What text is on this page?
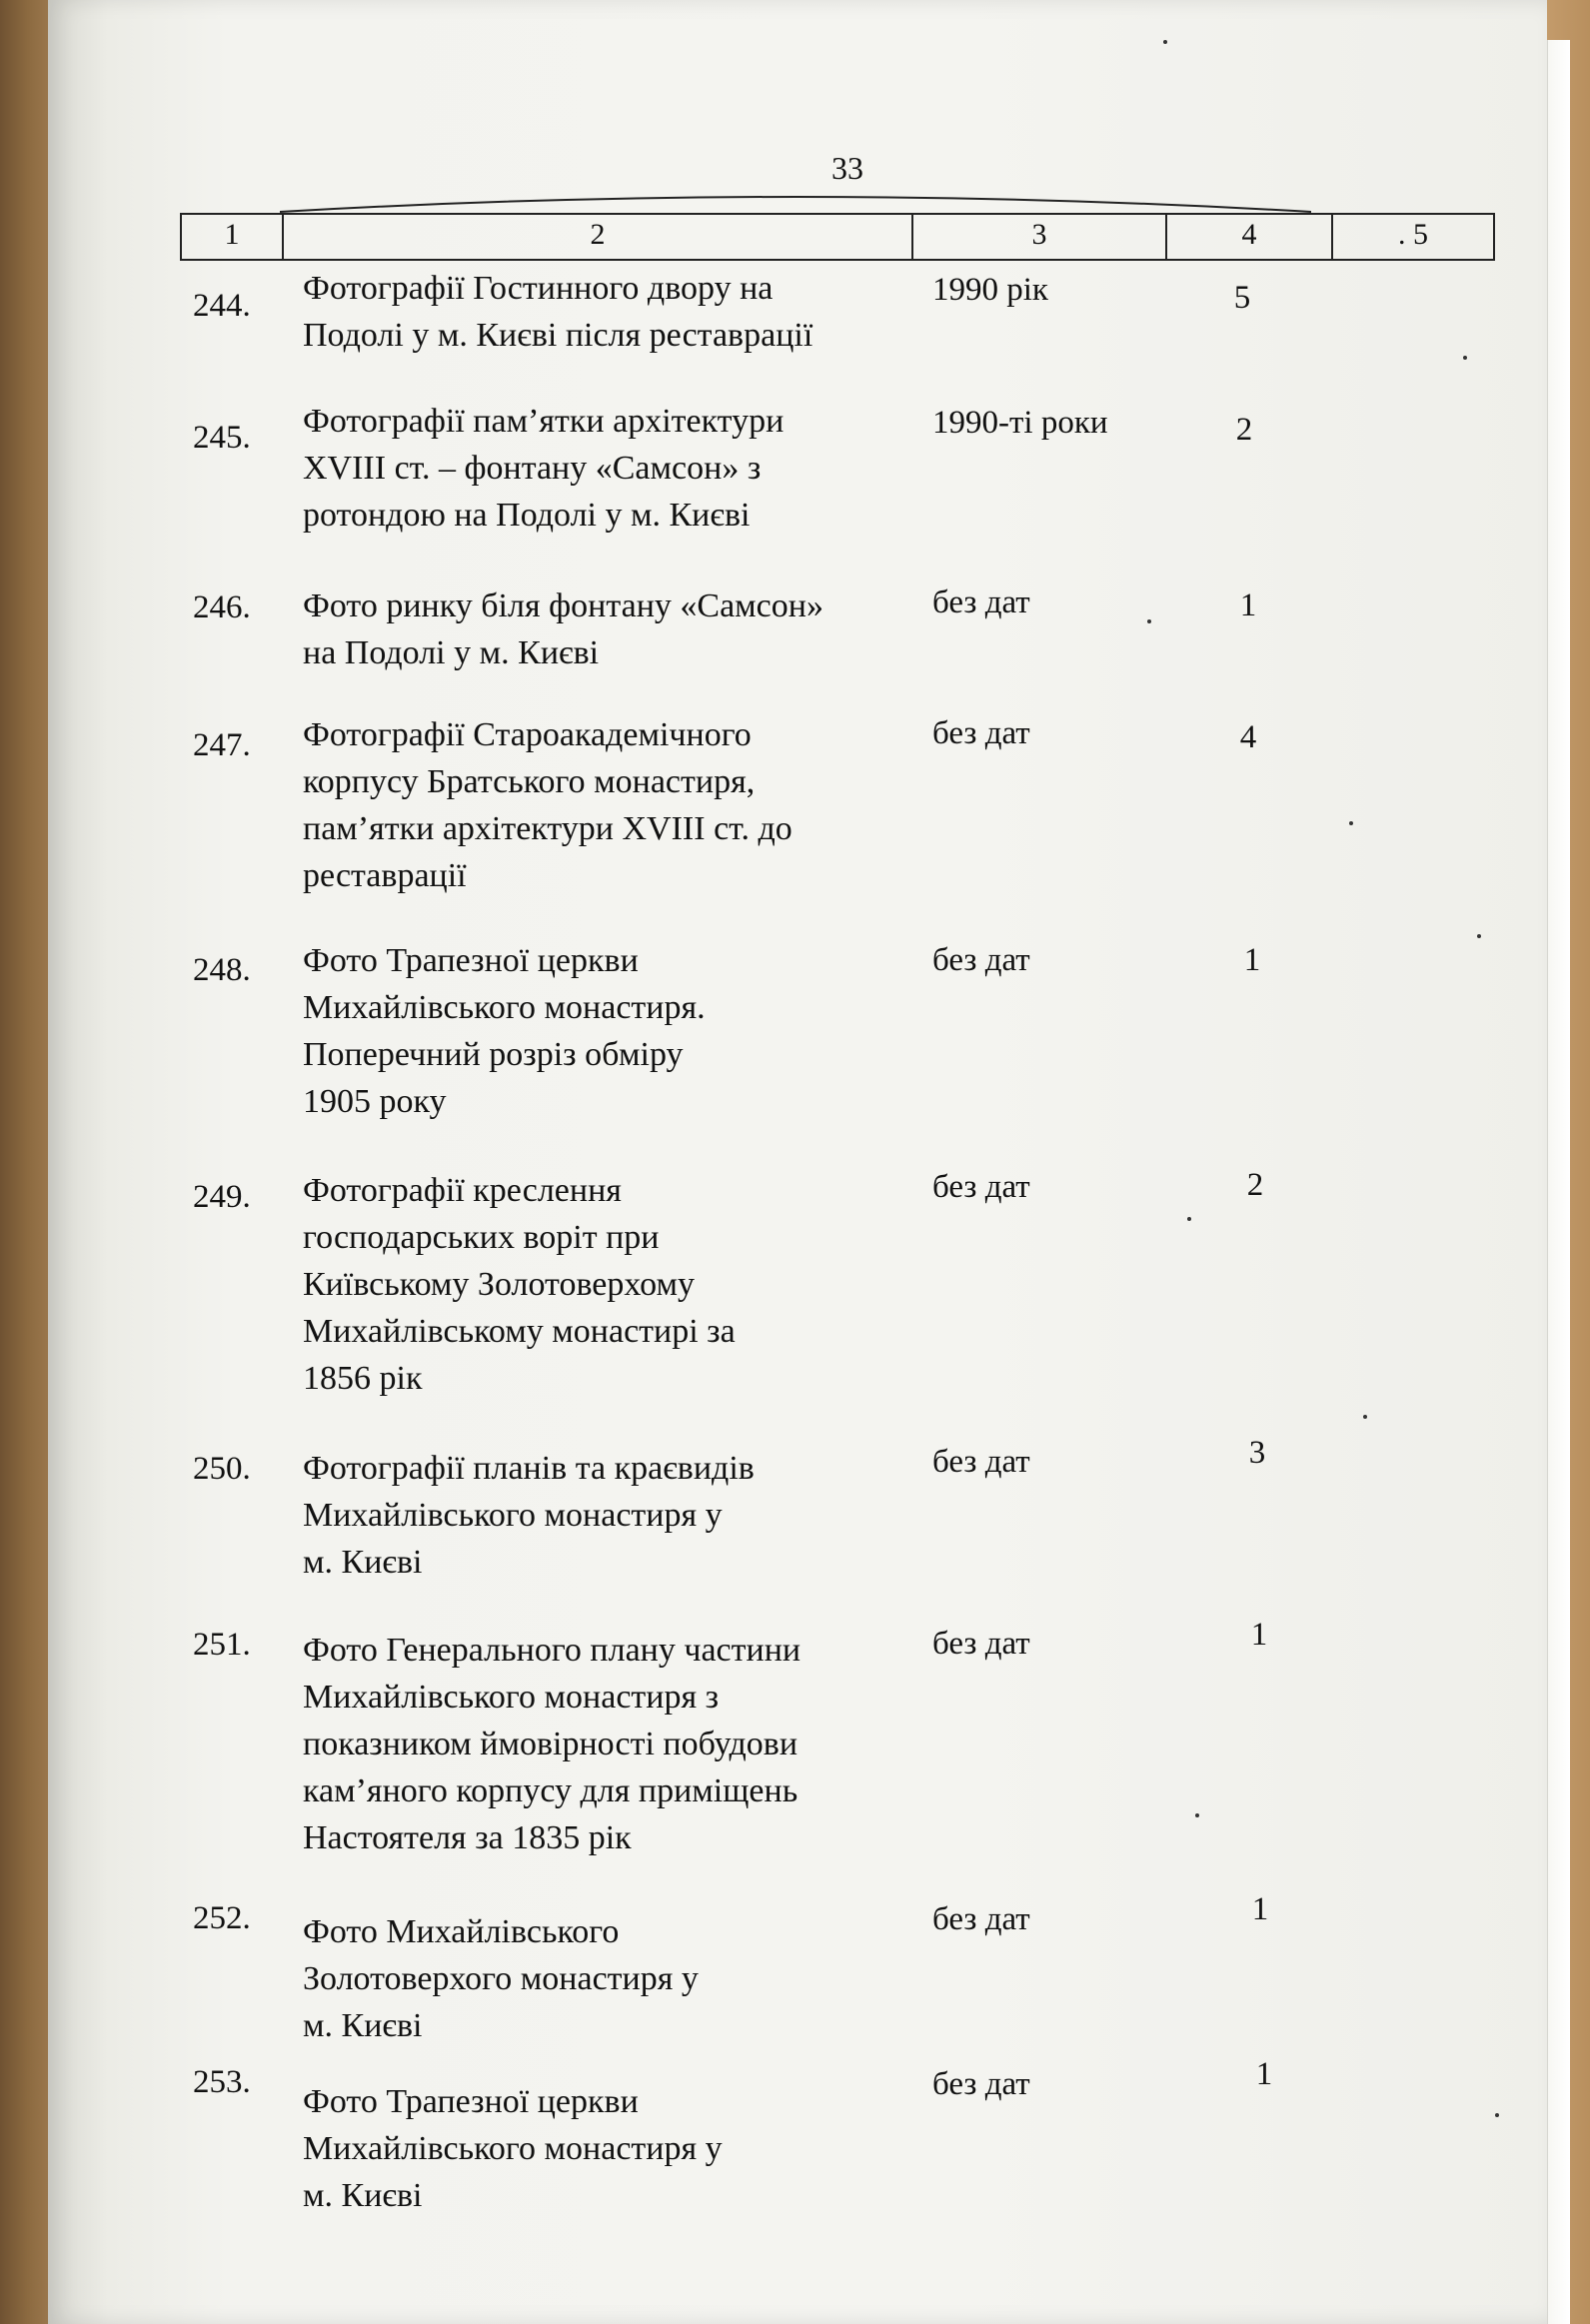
33
1	2	3	4	. 5
244. Фотографії Гостинного двору на
Подолі у м. Києві після реставрації
1990 рік	5
245. Фотографії пам’ятки архітектури
XVIII ст. – фонтану «Самсон» з
ротондою на Подолі у м. Києві
1990-ті роки	2
246. Фото ринку біля фонтану «Самсон»
на Подолі у м. Києві
без дат	1
247. Фотографії Староакадемічного
корпусу Братського монастиря,
пам’ятки архітектури XVIII ст. до
реставрації
без дат	4
248. Фото Трапезної церкви
Михайлівського монастиря.
Поперечний розріз обміру
1905 року
без дат	1
249. Фотографії креслення
господарських воріт при
Київському Золотоверхому
Михайлівському монастирі за
1856 рік
без дат	2
250. Фотографії планів та краєвидів
Михайлівського монастиря у
м. Києві
без дат	3
251. Фото Генерального плану частини
Михайлівського монастиря з
показником ймовірності побудови
кам’яного корпусу для приміщень
Настоятеля за 1835 рік
без дат	1
252. Фото Михайлівського
Золотоверхого монастиря у
м. Києві
без дат	1
253.
Фото Трапезної церкви
Михайлівського монастиря у
м. Києві
без дат	1
